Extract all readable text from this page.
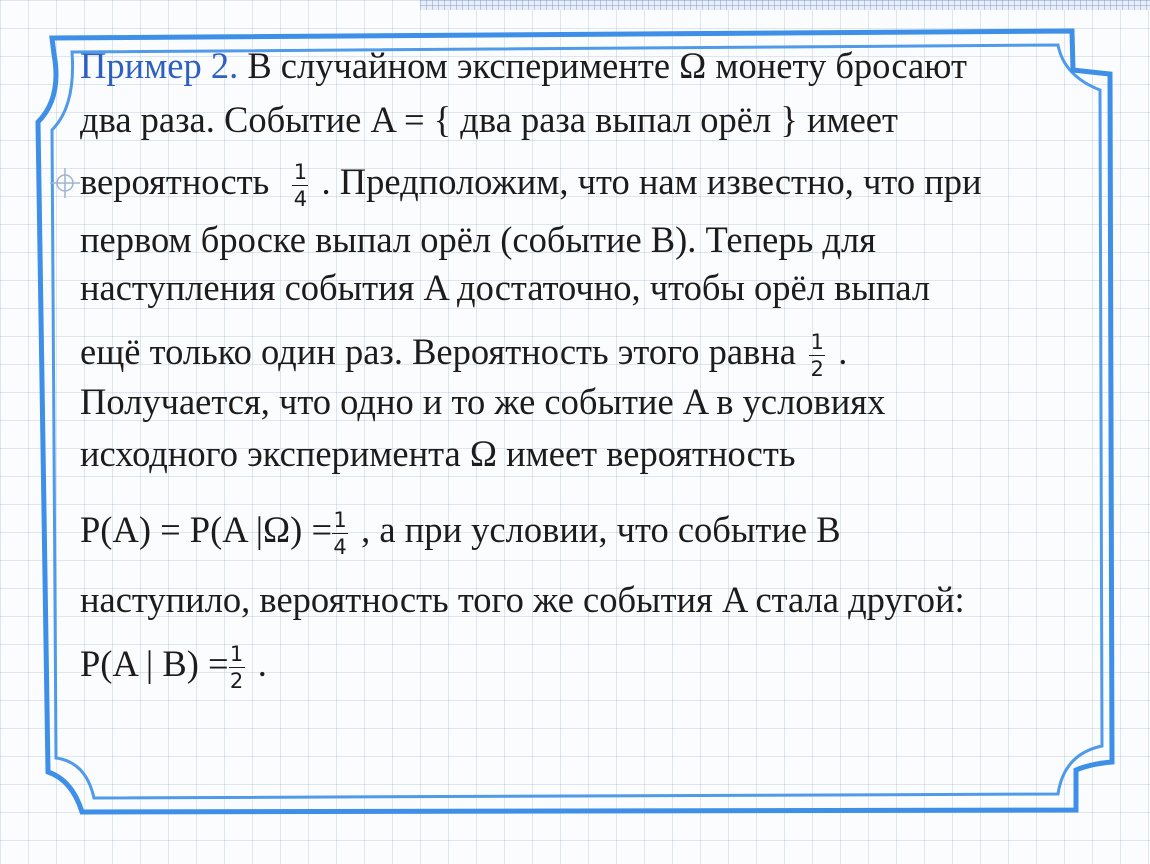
Пример 2. В случайном эксперименте Ω монету бросают
два раза. Событие A = { два раза выпал орёл } имеет
вероятность $\frac{1}{4}$ . Предположим, что нам известно, что при
первом броске выпал орёл (событие B). Теперь для
наступления события A достаточно, чтобы орёл выпал
ещё только один раз. Вероятность этого равна $\frac{1}{2}$ .
Получается, что одно и то же событие A в условиях
исходного эксперимента Ω имеет вероятность
P(A) = P(A $|\Omega) = \frac{1}{4}$ , а при условии, что событие B
наступило, вероятность того же события A стала другой:
P(A | $B) = \frac{1}{2}$ .
